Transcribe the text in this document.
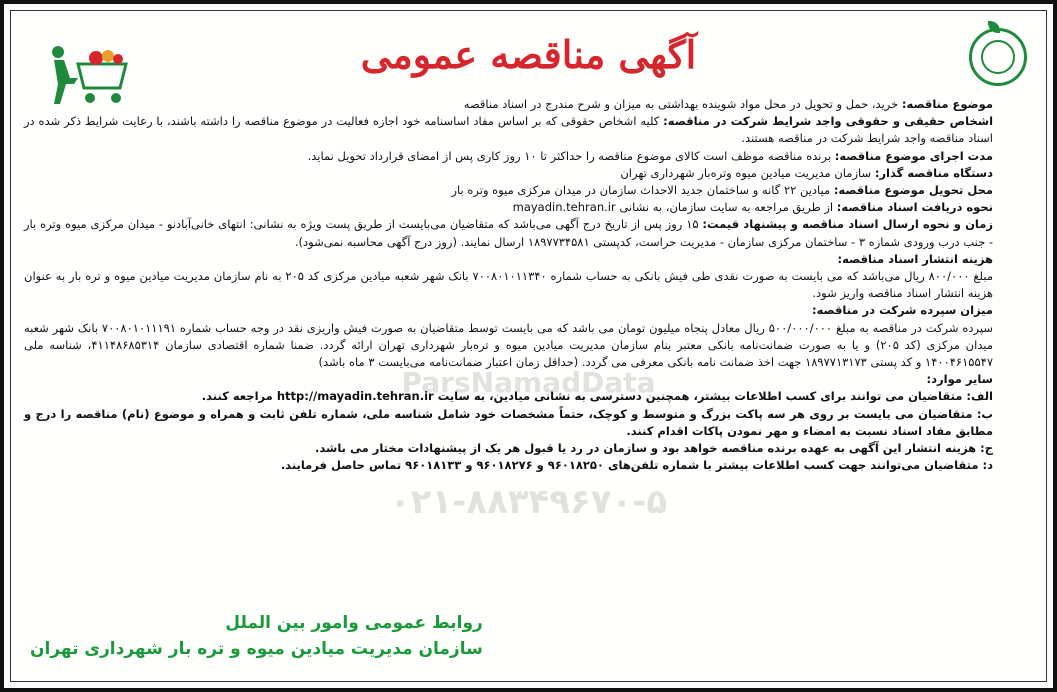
آگهی مناقصه عمومی

موضوع مناقصه: خرید، حمل و تحویل در محل مواد شوینده بهداشتی به میزان و شرح مندرج در اسناد مناقصه

اشخاص حقیقی و حقوقی واجد شرایط شرکت در مناقصه: کلیه اشخاص حقوقی که بر اساس مفاد اساسنامه خود اجازه فعالیت در موضوع مناقصه را داشته باشند، با رعایت شرایط ذکر شده در اسناد مناقصه واجد شرایط شرکت در مناقصه هستند.

مدت اجرای موضوع مناقصه: برنده مناقصه موظف است کالای موضوع مناقصه را حداکثر تا ۱۰ روز کاری پس از امضای قرارداد تحویل نماید.

دستگاه مناقصه گذار: سازمان مدیریت میادین میوه وتره‌بار شهرداری تهران

محل تحویل موضوع مناقصه: میادین ۲۲ گانه و ساختمان جدید الاحداث سازمان در میدان مرکزی میوه وتره بار

نحوه دریافت اسناد مناقصه: از طریق مراجعه به سایت سازمان، به نشانی mayadin.tehran.ir

زمان و نحوه ارسال اسناد مناقصه و پیشنهاد قیمت: ۱۵ روز پس از تاریخ درج آگهی می‌باشد که متقاضیان می‌بایست از طریق پست ویژه به نشانی: انتهای خانی‌آبادنو - میدان مرکزی میوه وتره بار - جنب درب ورودی شماره ۳ - ساختمان مرکزی سازمان - مدیریت حراست، کدپستی ۱۸۹۷۷۳۴۵۸۱ ارسال نمایند. (روز درج آگهی محاسبه نمی‌شود).

هزینه انتشار اسناد مناقصه:

مبلغ ۸۰۰/۰۰۰ ریال می‌باشد که می بایست به صورت نقدی طی فیش بانکی به حساب شماره ۷۰۰۸۰۱۰۱۱۳۴۰ بانک شهر شعبه میادین مرکزی کد ۲۰۵ به نام سازمان مدیریت میادین میوه و تره بار به عنوان هزینه انتشار اسناد مناقصه واریز شود.

میزان سپرده شرکت در مناقصه:

سپرده شرکت در مناقصه به مبلغ ۵۰۰/۰۰۰/۰۰۰ ریال معادل پنجاه میلیون تومان می باشد که می بایست توسط متقاضیان به صورت فیش واریزی نقد در وجه حساب شماره ۷۰۰۸۰۱۰۱۱۱۹۱ بانک شهر شعبه میدان مرکزی (کد ۲۰۵) و یا به صورت ضمانت‌نامه بانکی معتبر بنام سازمان مدیریت میادین میوه و تره‌بار شهرداری تهران ارائه گردد. ضمنا شماره اقتصادی سازمان ۴۱۱۴۸۶۸۵۳۱۴، شناسه ملی ۱۴۰۰۴۶۱۵۵۴۷ و کد پستی ۱۸۹۷۷۱۳۱۷۳ جهت اخذ ضمانت نامه بانکی معرفی می گردد. (حداقل زمان اعتبار ضمانت‌نامه می‌بایست ۳ ماه باشد)

سایر موارد:

الف: متقاضیان می توانند برای کسب اطلاعات بیشتر، همچنین دسترسی به نشانی میادین، به سایت http://mayadin.tehran.ir مراجعه کنند.

ب: متقاضیان می بایست بر روی هر سه پاکت بزرگ و متوسط و کوچک، حتماً مشخصات خود شامل شناسه ملی، شماره تلفن ثابت و همراه و موضوع (نام) مناقصه را درج و مطابق مفاد اسناد نسبت به امضاء و مهر نمودن پاکات اقدام کنند.

ج: هزینه انتشار این آگهی به عهده برنده مناقصه خواهد بود و سازمان در رد یا قبول هر یک از پیشنهادات مختار می باشد.

د: متقاضیان می‌توانند جهت کسب اطلاعات بیشتر با شماره تلفن‌های ۹۶۰۱۸۲۵۰ و ۹۶۰۱۸۲۷۶ و ۹۶۰۱۸۱۳۳ تماس حاصل فرمایند.

ParsNamadData
۰۲۱-۸۸۳۴۹۶۷۰-۵
روابط عمومی وامور بین الملل
سازمان مدیریت میادین میوه و تره بار شهرداری تهران
